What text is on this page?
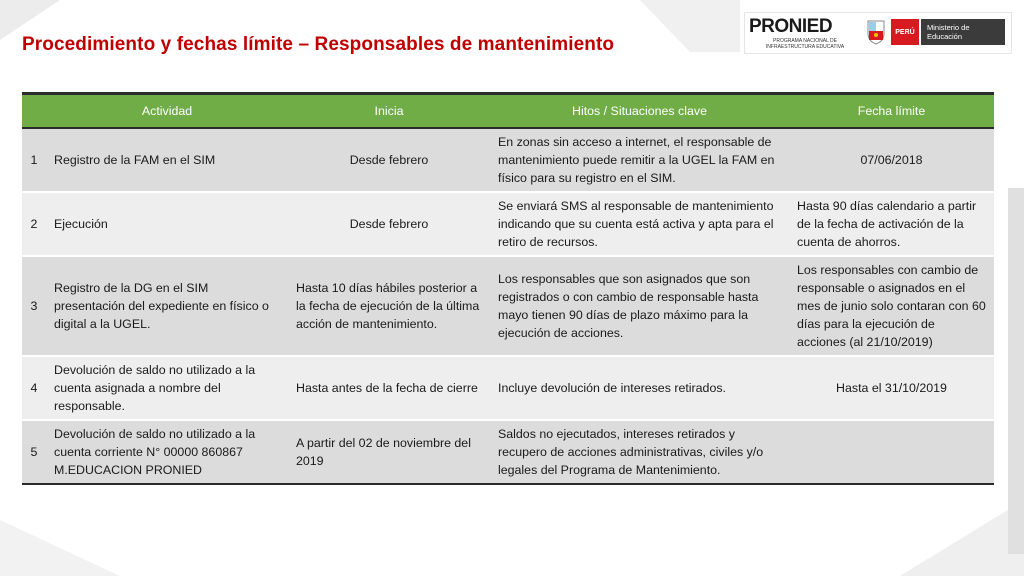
Procedimiento y fechas límite – Responsables de mantenimiento
PRONIED
PROGRAMA NACIONAL DE INFRAESTRUCTURA EDUCATIVA
PERÚ	Ministerio de Educación
	Actividad	Inicia	Hitos / Situaciones clave	Fecha límite
1	Registro de la FAM en el SIM	Desde febrero	En zonas sin acceso a internet, el responsable de mantenimiento puede remitir a la UGEL la FAM en físico para su registro en el SIM.	07/06/2018
2	Ejecución	Desde febrero	Se enviará SMS al responsable de mantenimiento indicando que su cuenta está activa y apta para el retiro de recursos.	Hasta 90 días calendario a partir de la fecha de activación de la cuenta de ahorros.
3	Registro de la DG en el SIM presentación del expediente en físico o digital a la UGEL.	Hasta 10 días hábiles posterior a la fecha de ejecución de la última acción de mantenimiento.	Los responsables que son asignados que son registrados o con cambio de responsable hasta mayo tienen 90 días de plazo máximo para la ejecución de acciones.	Los responsables con cambio de responsable o asignados en el mes de junio solo contaran con 60 días para la ejecución de acciones (al 21/10/2019)
4	Devolución de saldo no utilizado a la cuenta asignada a nombre del responsable.	Hasta antes de la fecha de cierre	Incluye devolución de intereses retirados.	Hasta el 31/10/2019
5	Devolución de saldo no utilizado a la cuenta corriente N° 00000 860867 M.EDUCACION PRONIED	A partir del 02 de noviembre del 2019	Saldos no ejecutados, intereses retirados y recupero de acciones administrativas, civiles y/o legales del Programa de Mantenimiento.	
